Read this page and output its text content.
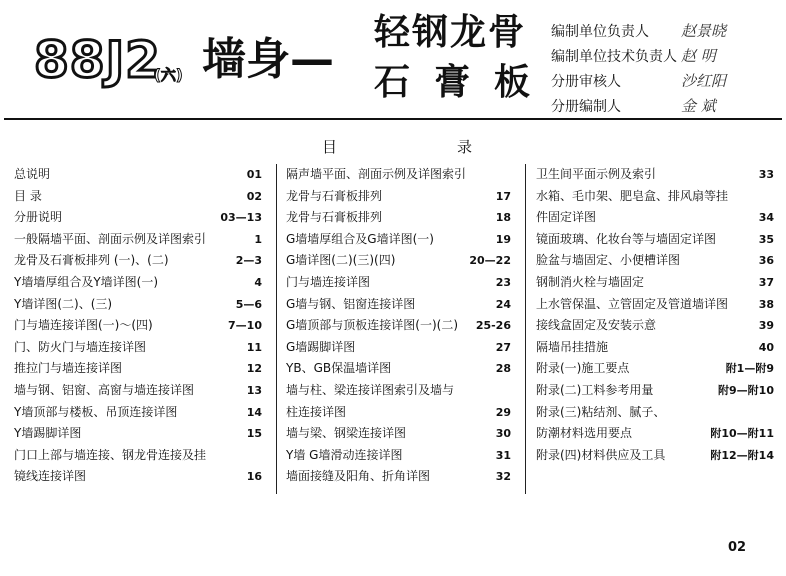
88J2
(六) 墙身—
轻钢龙骨
石膏板
编制单位负责人	赵景晓
编制单位技术负责人 赵 明
分册审核人	沙红阳
分册编制人	金 斌
目	录
总说明	01
目 录	02
分册说明	03—13
一般隔墙平面、剖面示例及详图索引	1
龙骨及石膏板排列 (一)、(二)	2—3
Y墙墙厚组合及Y墙详图(一)	4
Y墙详图(二)、(三)	5—6
门与墙连接详图(一)～(四)	7—10
门、防火门与墙连接详图	11
推拉门与墙连接详图	12
墙与钢、铝窗、高窗与墙连接详图	13
Y墙顶部与楼板、吊顶连接详图	14
Y墙踢脚详图	15
门口上部与墙连接、钢龙骨连接及挂
镜线连接详图	16
隔声墙平面、剖面示例及详图索引
龙骨与石膏板排列	17
龙骨与石膏板排列	18
G墙墙厚组合及G墙详图(一)	19
G墙详图(二)(三)(四)	20—22
门与墙连接详图	23
G墙与钢、铝窗连接详图	24
G墙顶部与顶板连接详图(一)(二) 25-26
G墙踢脚详图	27
YB、GB保温墙详图	28
墙与柱、梁连接详图索引及墙与
柱连接详图	29
墙与梁、钢梁连接详图	30
Y墙 G墙滑动连接详图	31
墙面接缝及阳角、折角详图	32
卫生间平面示例及索引	33
水箱、毛巾架、肥皂盒、排风扇等挂
件固定详图	34
镜面玻璃、化妆台等与墙固定详图	35
脸盆与墙固定、小便槽详图	36
钢制消火栓与墙固定	37
上水管保温、立管固定及管道墙详图	38
接线盒固定及安装示意	39
隔墙吊挂措施	40
附录(一)施工要点	附1—附9
附录(二)工料参考用量	附9—附10
附录(三)粘结剂、腻子、
防潮材料选用要点	附10—附11
附录(四)材料供应及工具	附12—附14
02
